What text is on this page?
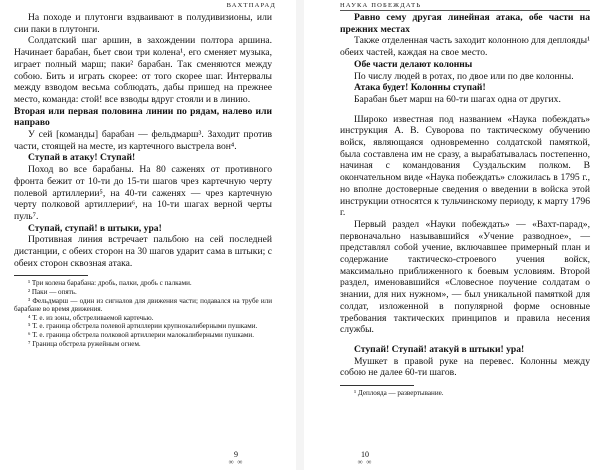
ВАХТПАРАД

На походе и плутонги вздваивают в полудивизионы, или сии паки в плутонги.

Солдатский шаг аршин, в захождении полтора аршина. Начинает барабан, бьет свои три колена¹, его сменяет музыка, играет полный марш; паки² барабан. Так сменяются между собою. Бить и играть скорее: от того скорее шаг. Интервалы между взводом весьма соблюдать, дабы пришед на прежнее место, команда: стой! все взводы вдруг стояли и в линию.

Вторая или первая половина линии по рядам, налево или направо

У сей [команды] барабан — фельдмарш³. Заходит против части, стоящей на месте, из картечного выстрела вон⁴.

Ступай в атаку! Ступай!

Поход во все барабаны. На 80 саженях от противного фронта бежит от 10-ти до 15-ти шагов чрез картечную черту полевой артиллерии⁵, на 40-ти саженях — чрез картечную черту полковой артиллерии⁶, на 10-ти шагах верной черты пуль⁷.

Ступай, ступай! в штыки, ура!

Противная линия встречает пальбою на сей последней дистанции, с обеих сторон на 30 шагов ударит сама в штыки; с обеих сторон сквозная атака.

¹ Три колена барабана: дробь, палки, дробь с палками.

² Паки — опять.

³ Фельдмарш — один из сигналов для движения части; подавался на трубе или барабане во время движения.

⁴ Т. е. из зоны, обстреливаемой картечью.

⁵ Т. е. граница обстрела полевой артиллерии крупнокалиберными пушками.

⁶ Т. е. граница обстрела полковой артиллерии малокалиберными пушками.

⁷ Граница обстрела ружейным огнем.

9
∞ ∞
НАУКА ПОБЕЖДАТЬ

Равно сему другая линейная атака, обе части на прежних местах

Также отделенная часть заходит колонною для деплояды¹ обеих частей, каждая на свое место.

Обе части делают колонны

По числу людей в ротах, по двое или по две колонны.

Атака будет! Колонны ступай!

Барабан бьет марш на 60-ти шагах одна от других.

Широко известная под названием «Наука побеждать» инструкция А. В. Суворова по тактическому обучению войск, являющаяся одновременно солдатской памяткой, была составлена им не сразу, а вырабатывалась постепенно, начиная с командования Суздальским полком. В окончательном виде «Наука побеждать» сложилась в 1795 г., но вполне достоверные сведения о введении в войска этой инструкции относятся к тульчинскому периоду, к марту 1796 г.

Первый раздел «Науки побеждать» — «Вахт-парад», первоначально называвшийся «Учение разводное», — представлял собой учение, включавшее примерный план и содержание тактическо-строевого учения войск, максимально приближенного к боевым условиям. Второй раздел, именовавшийся «Словесное поучение солдатам о знании, для них нужном», — был уникальной памяткой для солдат, изложенной в популярной форме основные требования тактических принципов и правила несения службы.

Ступай! Ступай! атакуй в штыки! ура!

Мушкет в правой руке на перевес. Колонны между собою не далее 60-ти шагов.

¹ Деплояда — развертывание.

10
∞ ∞
